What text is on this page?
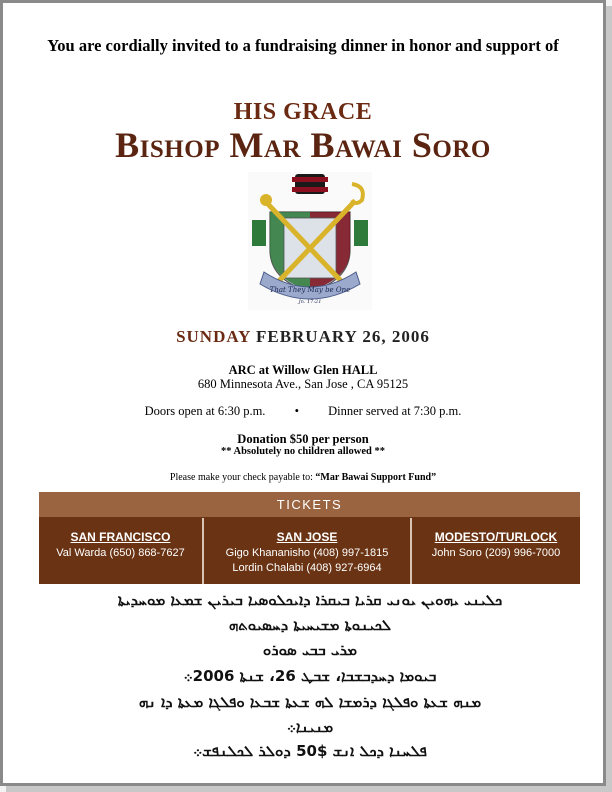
You are cordially invited to a fundraising dinner in honor and support of
HIS GRACE
Bishop Mar Bawai Soro
That They May be One
Jn. 17:21
SUNDAY FEBRUARY 26, 2006
ARC at Willow Glen HALL
680 Minnesota Ave., San Jose , CA 95125
Doors open at 6:30 p.m. • Dinner served at 7:30 p.m.
Donation $50 per person
** Absolutely no children allowed **
Please make your check payable to: “Mar Bawai Support Fund”
TICKETS
SAN FRANCISCO
Val Warda (650) 868-7627
SAN JOSE
Gigo Khananisho (408) 997-1815
Lordin Chalabi (408) 927-6964
MODESTO/TURLOCK
John Soro (209) 996-7000
ܟܠܝܢܝ ܝܗܘܝܢ ܝܘܢܝ ܩܪܝܐ ܒܝܩܪܐ ܕܐܝܟܠܘܣܝܐ ܒܝܪܝܢ ܫܡܥܐ ܡܘܚܕܝܬܐ
ܠܟܝܢܘܬܐ ܡܫܝܚܝܬܐ ܕܚܣܝܘܬܗ
ܡܪܝ ܒܒܝ ܣܘܪܘ
ܒܝܘܡܐ ܕܚܕܒܫܒܐ، ܫܒܛ 26، ܫܢܬܐ 2006܀
ܡܢܗ ܫܥܬܐ ܘܦܠܓܐ ܕܪܡܫܐ ܠܗ ܫܥܬܐ ܫܒܥܐ ܘܦܠܓܐ ܡܥܬܐ ܕܐ ܢܗ
ܡܢܝܢܐ܀
ܦܠܚܢܐ ܕܟܠ ܐܢܫ $50 ܕܘܠܪ ܠܟܠܢܦܫ܀
